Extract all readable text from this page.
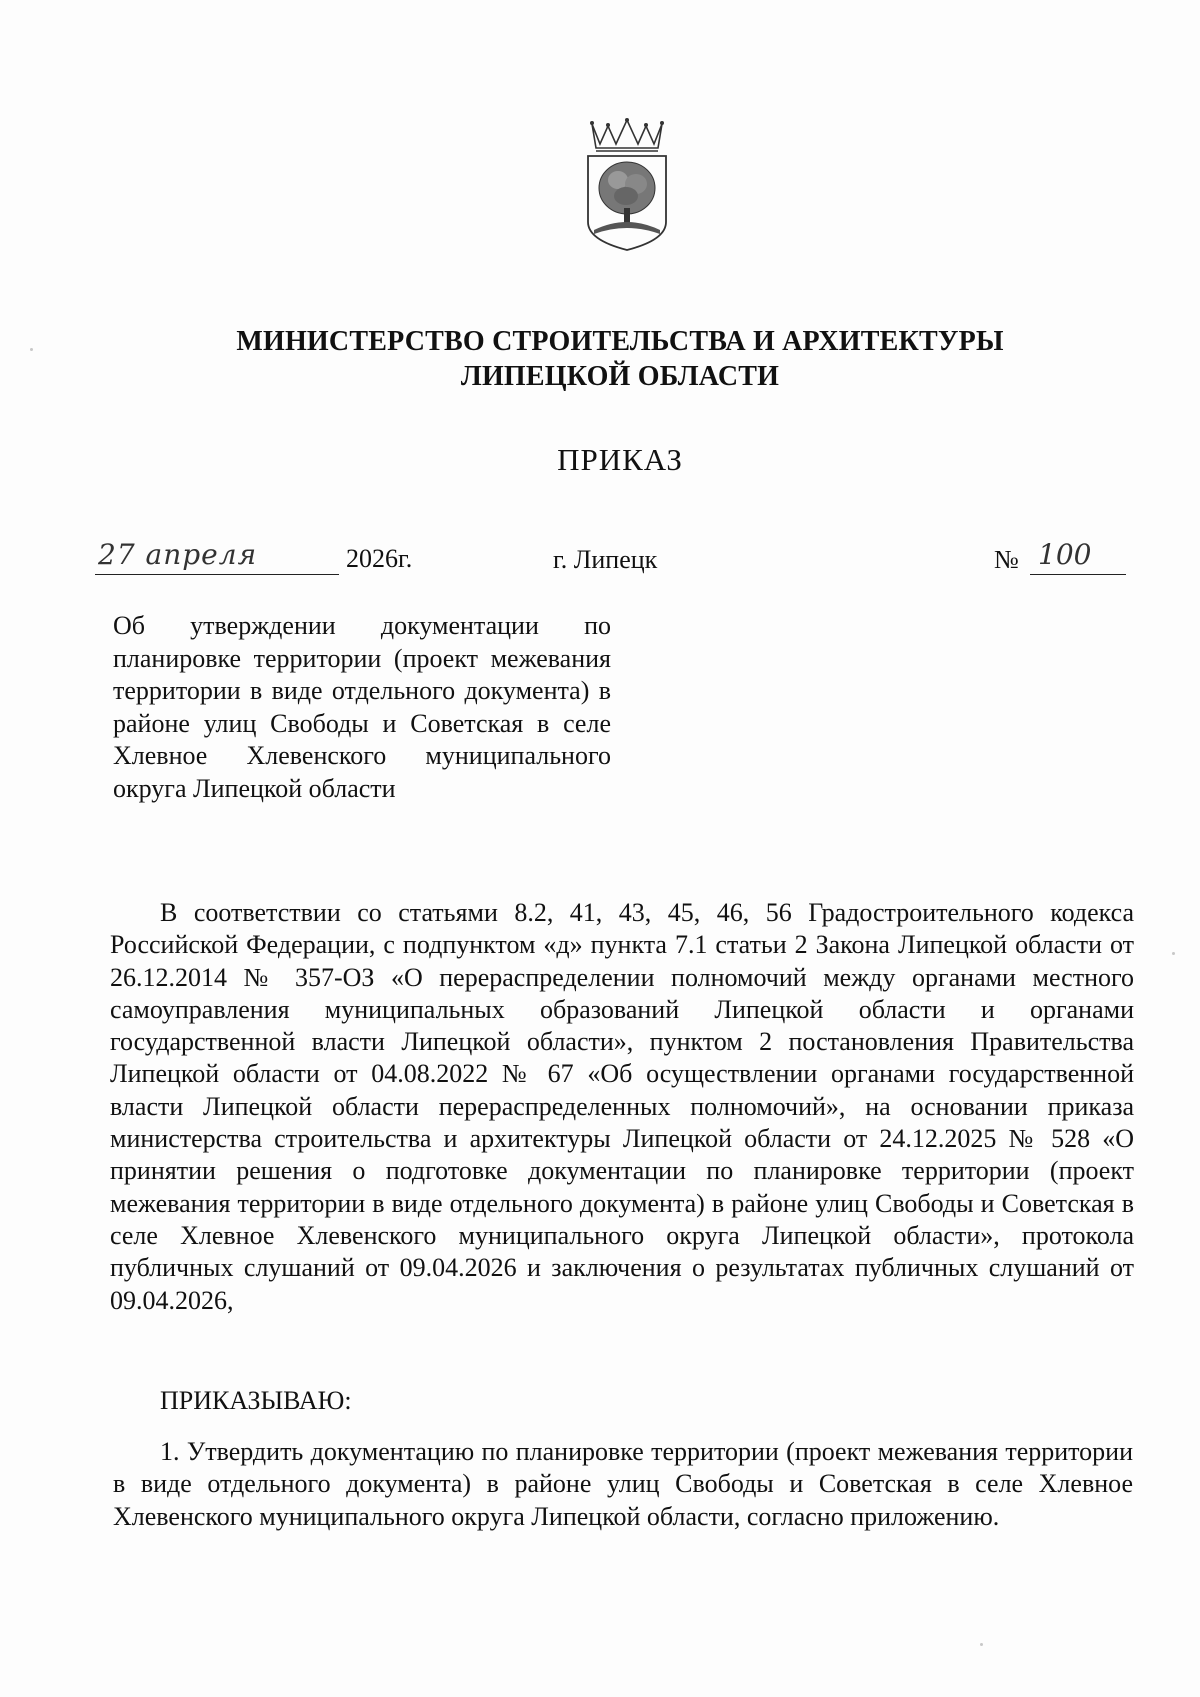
МИНИСТЕРСТВО СТРОИТЕЛЬСТВА И АРХИТЕКТУРЫ
ЛИПЕЦКОЙ ОБЛАСТИ
ПРИКАЗ
27 апреля	2026г.	г. Липецк	№ 100
Об утверждении документации по планировке территории (проект межевания территории в виде отдельного документа) в районе улиц Свободы и Советская в селе Хлевное Хлевенского муниципального округа Липецкой области

В соответствии со статьями 8.2, 41, 43, 45, 46, 56 Градостроительного кодекса Российской Федерации, с подпунктом «д» пункта 7.1 статьи 2 Закона Липецкой области от 26.12.2014 № 357-ОЗ «О перераспределении полномочий между органами местного самоуправления муниципальных образований Липецкой области и органами государственной власти Липецкой области», пунктом 2 постановления Правительства Липецкой области от 04.08.2022 № 67 «Об осуществлении органами государственной власти Липецкой области перераспределенных полномочий», на основании приказа министерства строительства и архитектуры Липецкой области от 24.12.2025 № 528 «О принятии решения о подготовке документации по планировке территории (проект межевания территории в виде отдельного документа) в районе улиц Свободы и Советская в селе Хлевное Хлевенского муниципального округа Липецкой области», протокола публичных слушаний от 09.04.2026 и заключения о результатах публичных слушаний от 09.04.2026,

ПРИКАЗЫВАЮ:

1. Утвердить документацию по планировке территории (проект межевания территории в виде отдельного документа) в районе улиц Свободы и Советская в селе Хлевное Хлевенского муниципального округа Липецкой области, согласно приложению.
